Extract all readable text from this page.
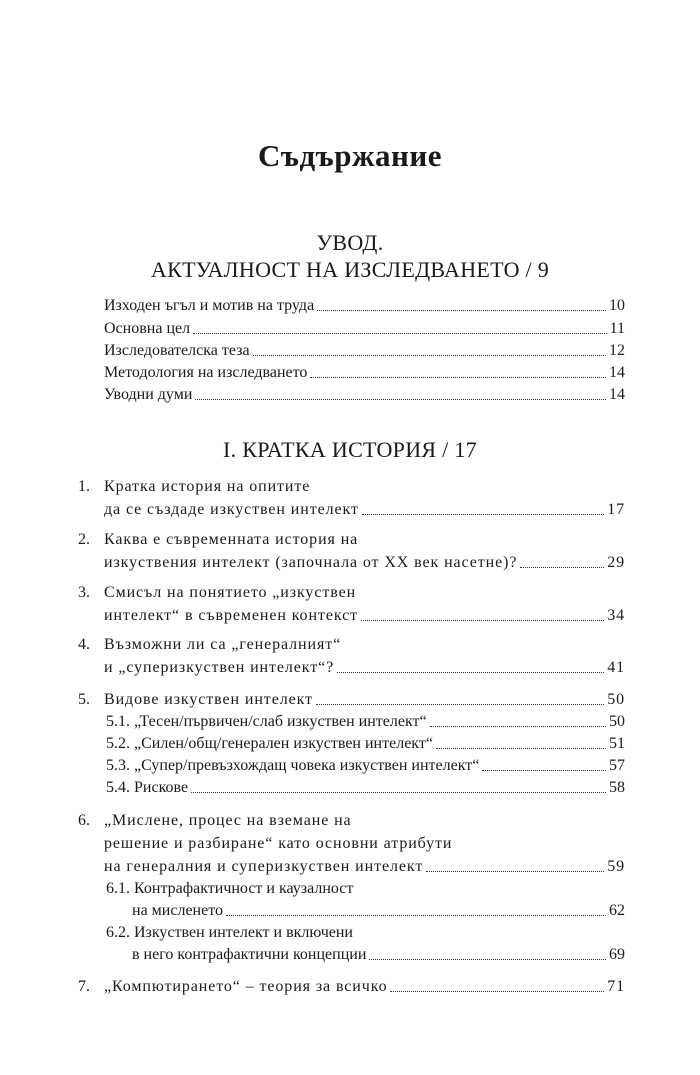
Съдържание
УВОД.
АКТУАЛНОСТ НА ИЗСЛЕДВАНЕТО / 9
Изходен ъгъл и мотив на труда	10
Основна цел	11
Изследователска теза	12
Методология на изследването	14
Уводни думи	14
I. КРАТКА ИСТОРИЯ / 17
1. Кратка история на опитите
да се създаде изкуствен интелект	17
2. Каква е съвременната история на
изкуствения интелект (започнала от XX век насетне)?	29
3. Смисъл на понятието „изкуствен
интелект“ в съвременен контекст	34
4. Възможни ли са „генералният“
и „суперизкуствен интелект“?	41
5. Видове изкуствен интелект	50
5.1. „Тесен/първичен/слаб изкуствен интелект“	50
5.2. „Силен/общ/генерален изкуствен интелект“	51
5.3. „Супер/превъзхождащ човека изкуствен интелект“	57
5.4. Рискове	58
6. „Мислене, процес на вземане на
решение и разбиране“ като основни атрибути
на генералния и суперизкуствен интелект	59
6.1. Контрафактичност и каузалност
на мисленето	62
6.2. Изкуствен интелект и включени
в него контрафактични концепции	69
7. „Компютирането“ – теория за всичко	71
